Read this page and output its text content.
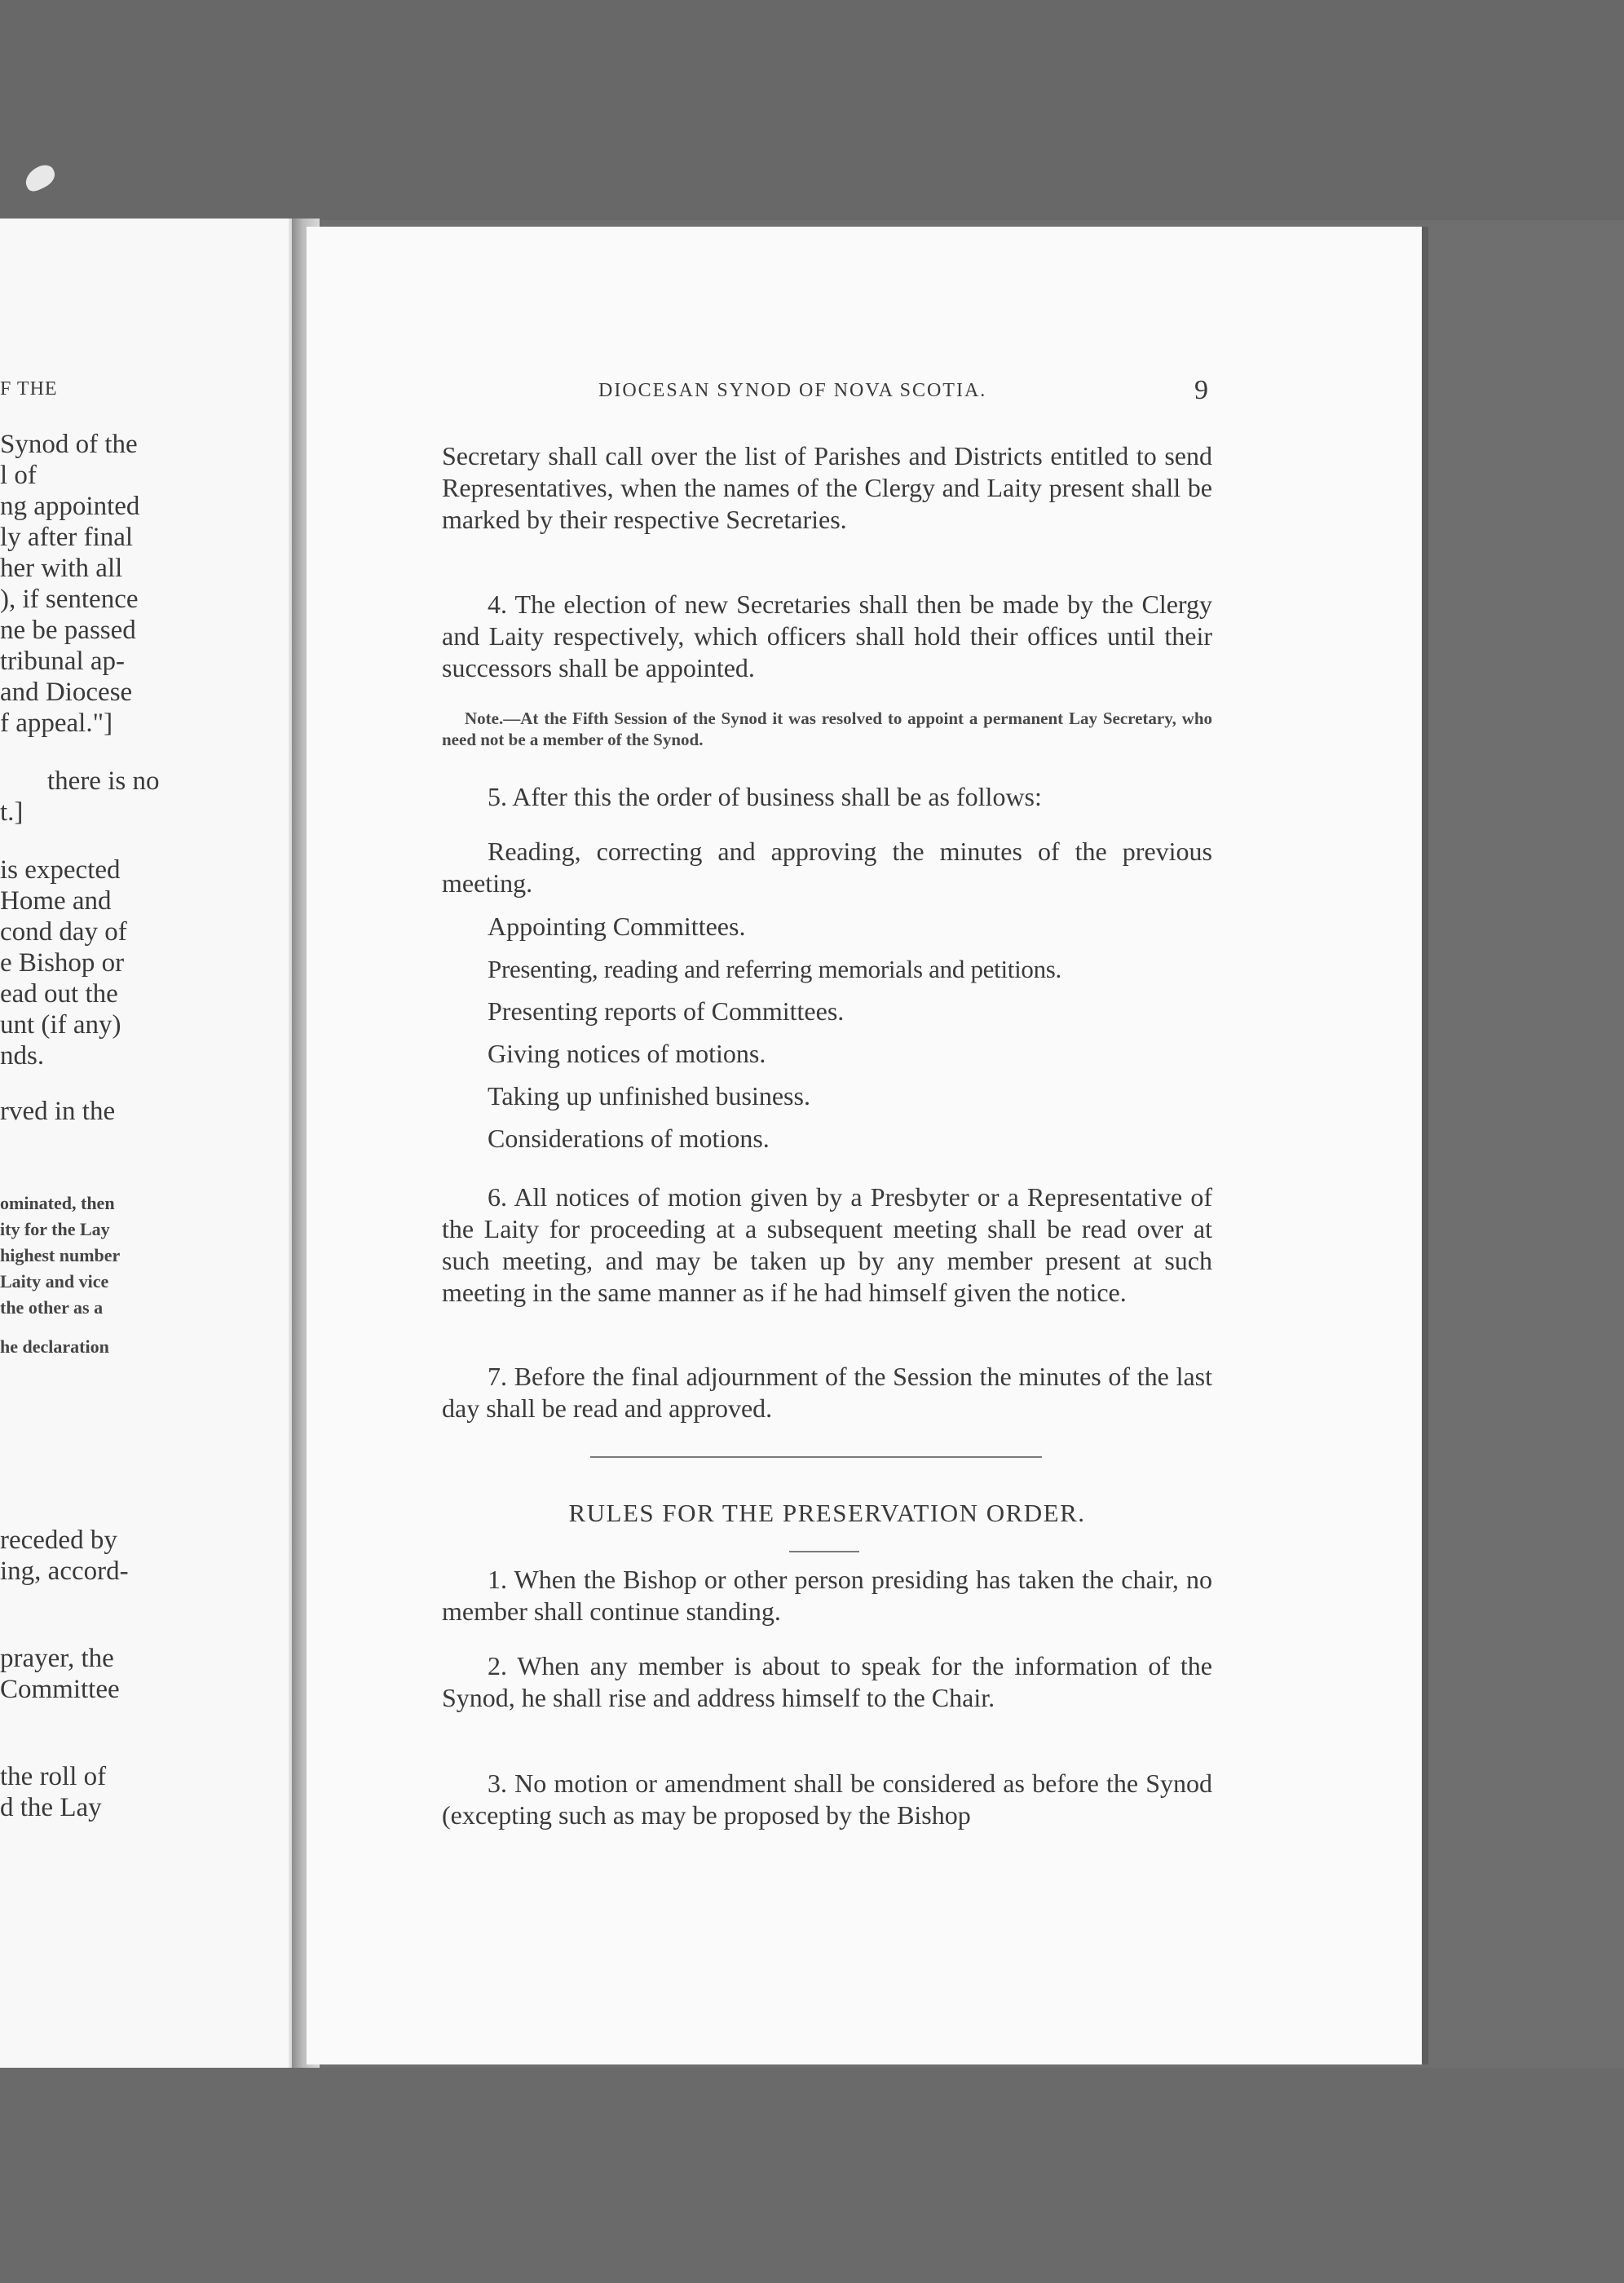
F THE
Synod of the
l of
ng appointed
ly after final
her with all
), if sentence
ne be passed
tribunal ap-
and Diocese
f appeal."]
there is no
t.]
is expected
Home and
cond day of
e Bishop or
ead out the
unt (if any)
nds.
rved in the
ominated, then
ity for the Lay
highest number
Laity and vice
the other as a
he declaration
receded by
ing, accord-
prayer, the
Committee
the roll of
d the Lay
DIOCESAN SYNOD OF NOVA SCOTIA.	9

Secretary shall call over the list of Parishes and Districts entitled to send Representatives, when the names of the Clergy and Laity present shall be marked by their respective Secretaries.

4. The election of new Secretaries shall then be made by the Clergy and Laity respectively, which officers shall hold their offices until their successors shall be appointed.

Note.—At the Fifth Session of the Synod it was resolved to appoint a permanent Lay Secretary, who need not be a member of the Synod.

5. After this the order of business shall be as follows:

Reading, correcting and approving the minutes of the previous meeting.

Appointing Committees.

Presenting, reading and referring memorials and petitions.

Presenting reports of Committees.

Giving notices of motions.

Taking up unfinished business.

Considerations of motions.

6. All notices of motion given by a Presbyter or a Representative of the Laity for proceeding at a subsequent meeting shall be read over at such meeting, and may be taken up by any member present at such meeting in the same manner as if he had himself given the notice.

7. Before the final adjournment of the Session the minutes of the last day shall be read and approved.

RULES FOR THE PRESERVATION ORDER.

1. When the Bishop or other person presiding has taken the chair, no member shall continue standing.

2. When any member is about to speak for the information of the Synod, he shall rise and address himself to the Chair.

3. No motion or amendment shall be considered as before the Synod (excepting such as may be proposed by the Bishop
